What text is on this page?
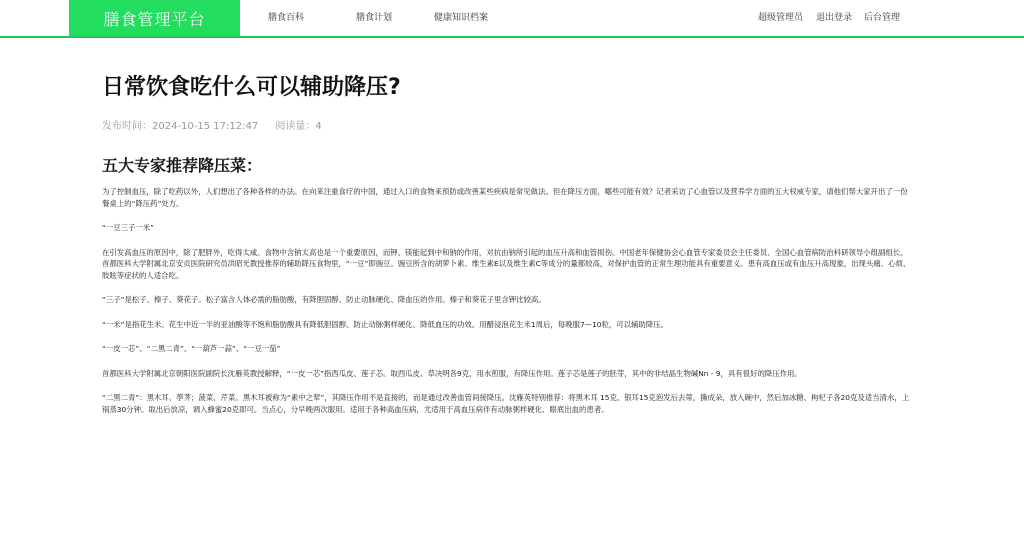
膳食管理平台	膳食百科	膳食计划	健康知识档案	超级管理员 退出登录 后台管理
日常饮食吃什么可以辅助降压?
发布时间：2024-10-15 17:12:47 阅读量：4
五大专家推荐降压菜：

为了控制血压，除了吃药以外，人们想出了各种各样的办法。在向来注重食疗的中国，通过入口的食物来预防或改善某些疾病是常见做法。但在降压方面，哪些可能有效？记者采访了心血管以及营养学方面的五大权威专家，请他们帮大家开出了一份餐桌上的“降压药”处方。

“一豆三子一米”

在引发高血压的原因中，除了肥胖外，吃得太咸、食物中含钠太高也是一个重要原因，而钾、镁能起到中和钠的作用，对抗由钠所引起的血压升高和血管损伤。中国老年保健协会心血管专家委员会主任委员、全国心血管病防治科研领导小组副组长、首都医科大学附属北京安贞医院研究员洪昭光教授推荐的辅助降压食物里，“一豆”即豌豆。豌豆所含的胡萝卜素、维生素E以及维生素C等成分的量都较高，对保护血管的正常生理功能具有重要意义。患有高血压或有血压升高现象，出现头痛、心烦、肢眩等症状的人适合吃。

“三子”是松子、榛子、葵花子。松子富含人体必需的脂肪酸，有降胆固醇、防止动脉硬化、降血压的作用。榛子和葵花子里含钾比较高。

“一米”是指花生米。花生中近一半的亚油酸等不饱和脂肪酸具有降低胆固醇、防止动脉粥样硬化、降低血压的功效。用醋浸泡花生米1周后，每晚服7—10粒，可以辅助降压。

“一皮一芯”、“二黑二青”、“一葫芦一蒜”、“一豆一茄”

首都医科大学附属北京朝阳医院副院长沈雁英教授解释，“一皮一芯”指西瓜皮、莲子芯。取西瓜皮、草决明各9克，用水煎服，有降压作用。莲子芯是莲子的胚芽，其中的非结晶生物碱Nn - 9，具有很好的降压作用。

“二黑二青”：黑木耳、荸荠；菠菜、芹菜。黑木耳被称为“素中之荤”，其降压作用不是直接的，而是通过改善血管间接降压。沈雁英特别推荐：将黑木耳 15克、银耳15克泡发后去蒂，撕成朵，放入碗中，然后加冰糖、枸杞子各20克及适当清水，上锅蒸30分钟。取出后放凉，调入蜂蜜20克即可。当点心，分早晚两次服用。适用于各种高血压病，尤适用于高血压病伴有动脉粥样硬化、眼底出血的患者。
